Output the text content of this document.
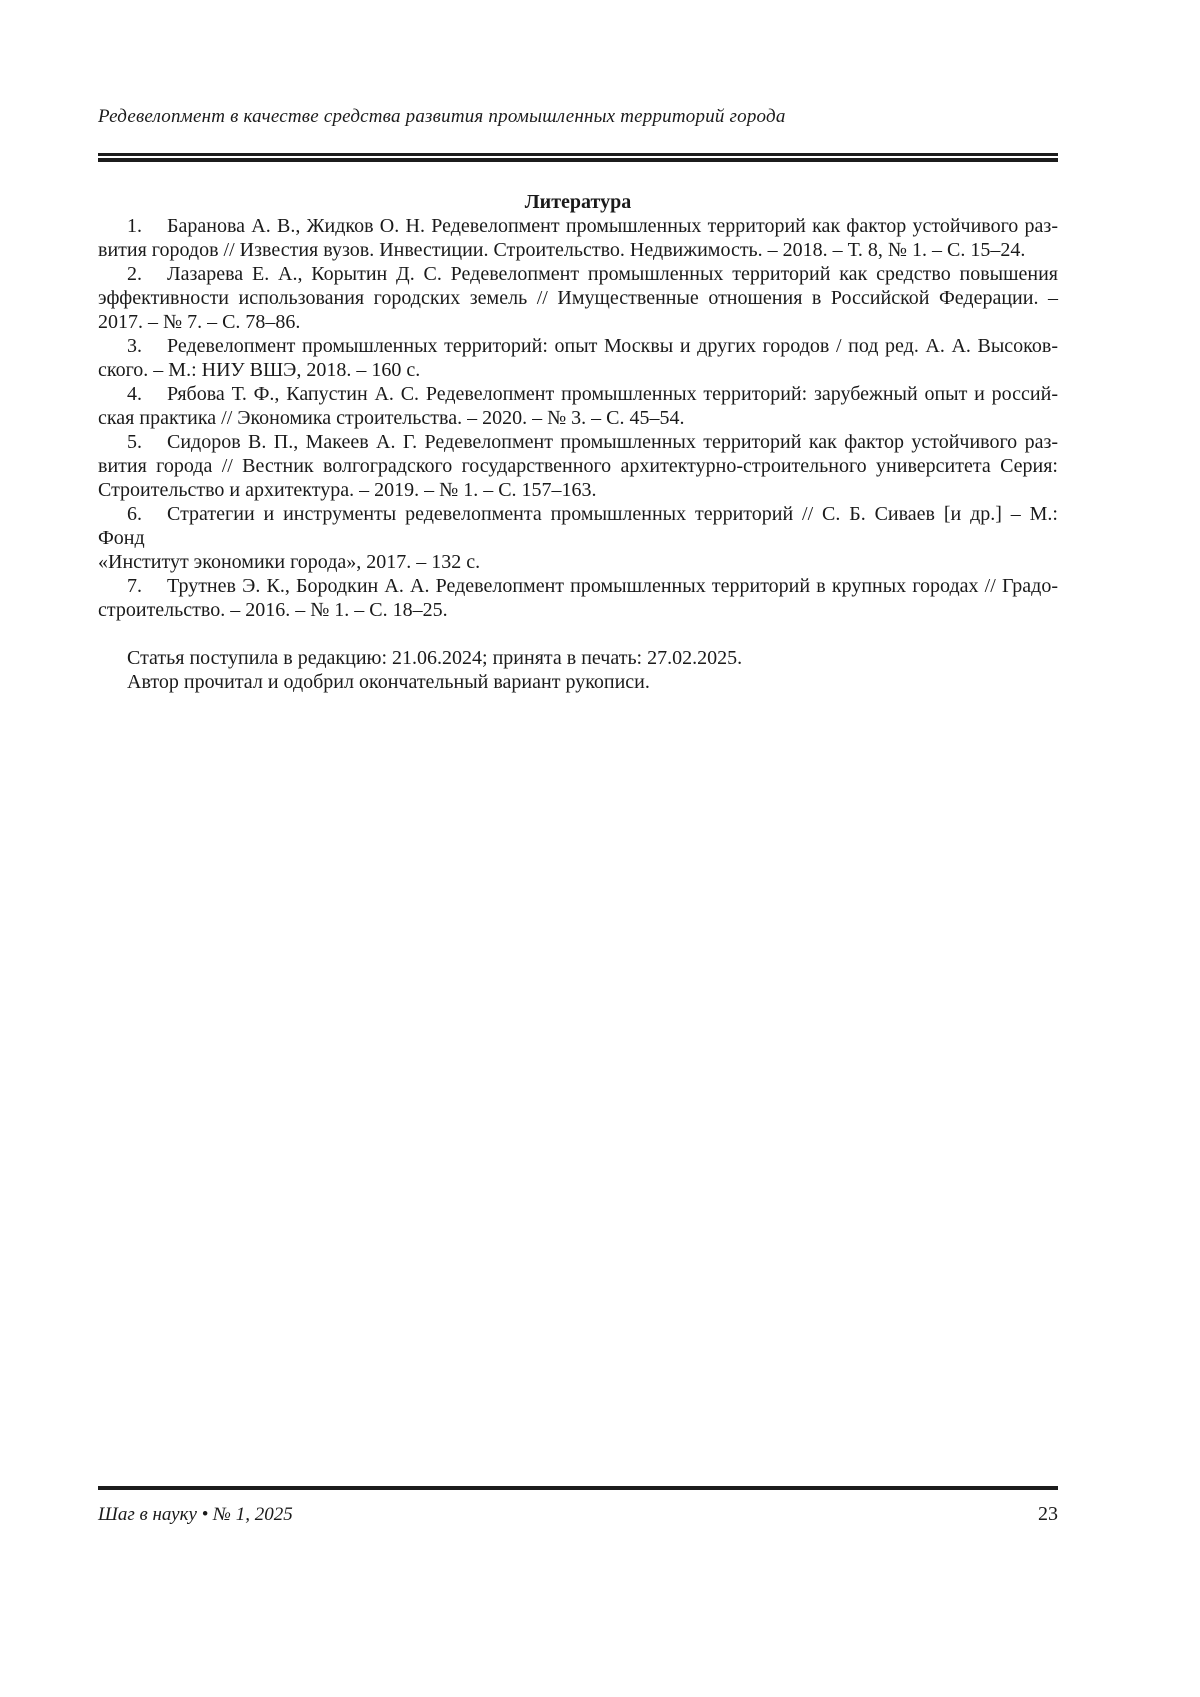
Редевелопмент в качестве средства развития промышленных территорий города
Литература
1. Баранова А. В., Жидков О. Н. Редевелопмент промышленных территорий как фактор устойчивого раз-
вития городов // Известия вузов. Инвестиции. Строительство. Недвижимость. – 2018. – Т. 8, № 1. – С. 15–24.
2. Лазарева Е. А., Корытин Д. С. Редевелопмент промышленных территорий как средство повышения
эффективности использования городских земель // Имущественные отношения в Российской Федерации. –
2017. – № 7. – С. 78–86.
3. Редевелопмент промышленных территорий: опыт Москвы и других городов / под ред. А. А. Высоков-
ского. – М.: НИУ ВШЭ, 2018. – 160 с.
4. Рябова Т. Ф., Капустин А. С. Редевелопмент промышленных территорий: зарубежный опыт и россий-
ская практика // Экономика строительства. – 2020. – № 3. – С. 45–54.
5. Сидоров В. П., Макеев А. Г. Редевелопмент промышленных территорий как фактор устойчивого раз-
вития города // Вестник волгоградского государственного архитектурно-строительного университета Серия:
Строительство и архитектура. – 2019. – № 1. – С. 157–163.
6. Стратегии и инструменты редевелопмента промышленных территорий // С. Б. Сиваев [и др.] – М.: Фонд
«Институт экономики города», 2017. – 132 с.
7. Трутнев Э. К., Бородкин А. А. Редевелопмент промышленных территорий в крупных городах // Градо-
строительство. – 2016. – № 1. – С. 18–25.

Статья поступила в редакцию: 21.06.2024; принята в печать: 27.02.2025.

Автор прочитал и одобрил окончательный вариант рукописи.

Шаг в науку • № 1, 2025	23
